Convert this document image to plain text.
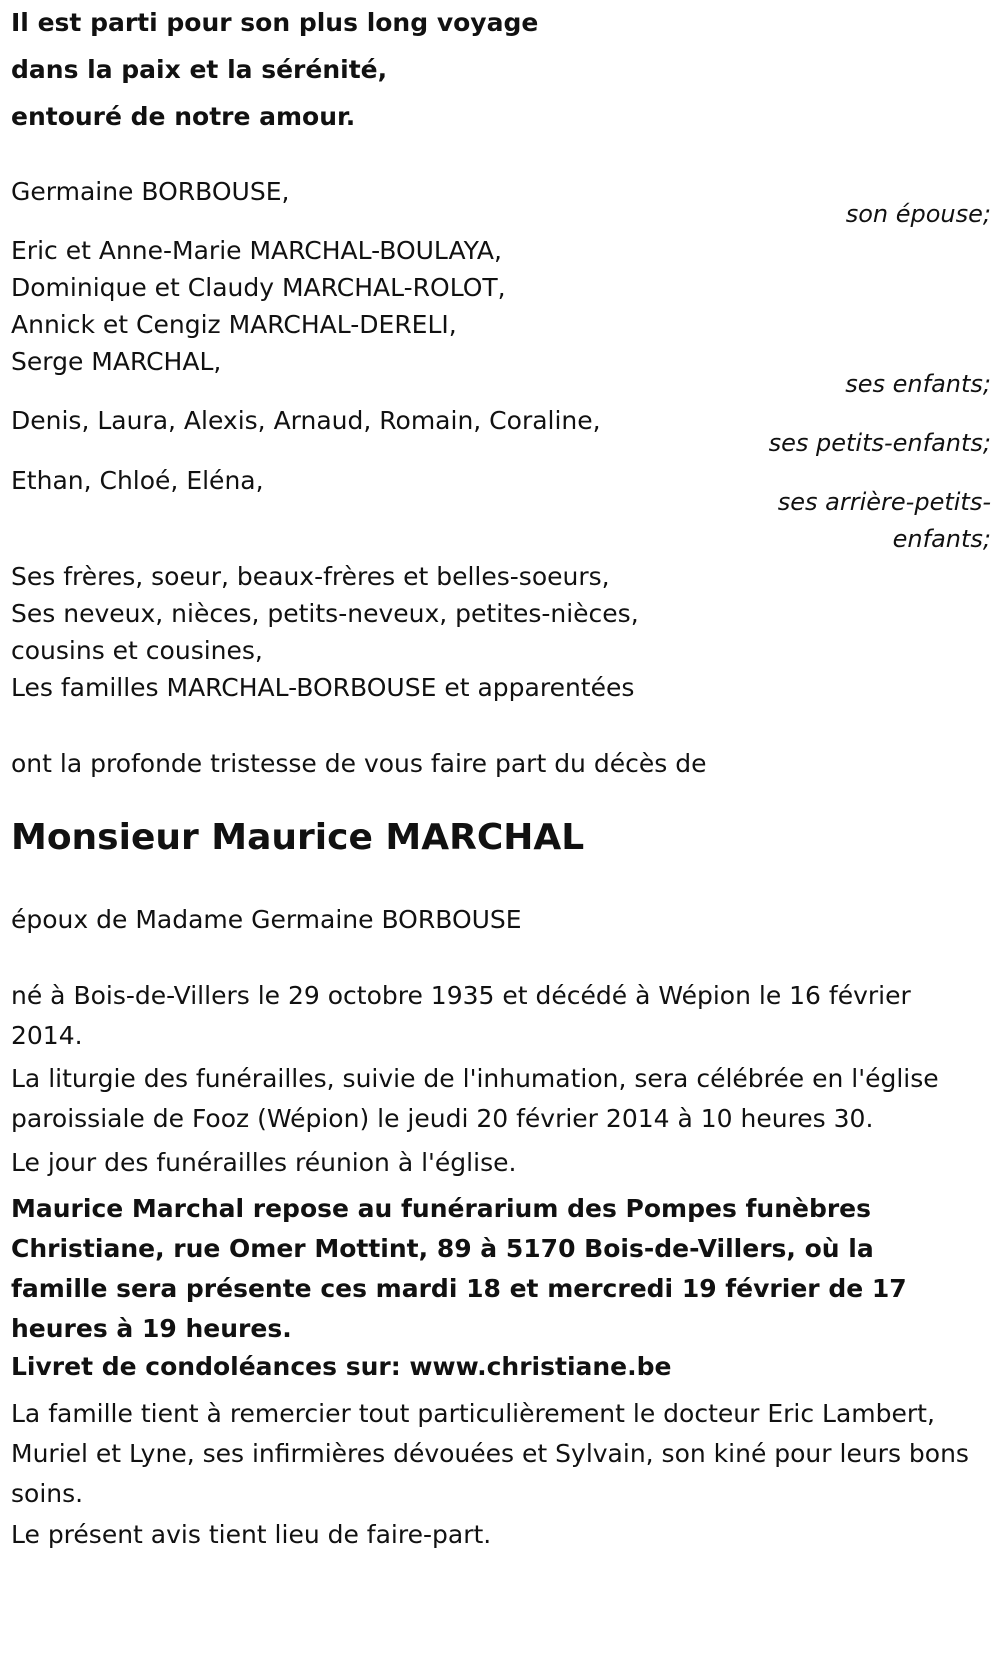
Il est parti pour son plus long voyage
dans la paix et la sérénité,
entouré de notre amour.
Germaine BORBOUSE,
son épouse;
Eric et Anne-Marie MARCHAL-BOULAYA,
Dominique et Claudy MARCHAL-ROLOT,
Annick et Cengiz MARCHAL-DERELI,
Serge MARCHAL,
ses enfants;
Denis, Laura, Alexis, Arnaud, Romain, Coraline,
ses petits-enfants;
Ethan, Chloé, Eléna,
ses arrière-petits-
enfants;
Ses frères, soeur, beaux-frères et belles-soeurs,
Ses neveux, nièces, petits-neveux, petites-nièces,
cousins et cousines,
Les familles MARCHAL-BORBOUSE et apparentées
ont la profonde tristesse de vous faire part du décès de
Monsieur Maurice MARCHAL
époux de Madame Germaine BORBOUSE
né à Bois-de-Villers le 29 octobre 1935 et décédé à Wépion le 16 février 2014.
La liturgie des funérailles, suivie de l'inhumation, sera célébrée en l'église paroissiale de Fooz (Wépion) le jeudi 20 février 2014 à 10 heures 30.
Le jour des funérailles réunion à l'église.
Maurice Marchal repose au funérarium des Pompes funèbres Christiane, rue Omer Mottint, 89 à 5170 Bois-de-Villers, où la famille sera présente ces mardi 18 et mercredi 19 février de 17 heures à 19 heures.
Livret de condoléances sur: www.christiane.be
La famille tient à remercier tout particulièrement le docteur Eric Lambert, Muriel et Lyne, ses infirmières dévouées et Sylvain, son kiné pour leurs bons soins.
Le présent avis tient lieu de faire-part.
